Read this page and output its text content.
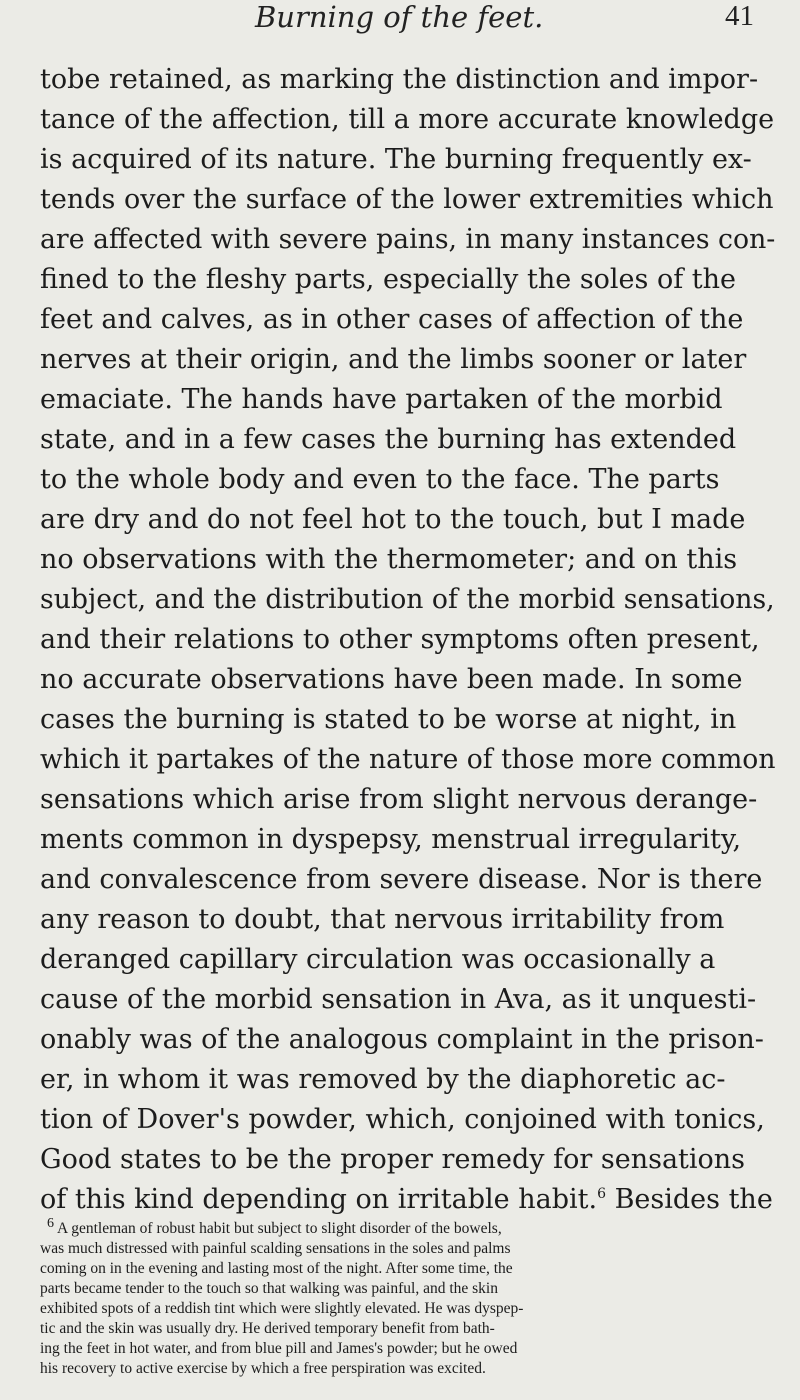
Burning of the feet.	41
tobe retained, as marking the distinction and impor-
tance of the affection, till a more accurate knowledge
is acquired of its nature. The burning frequently ex-
tends over the surface of the lower extremities which
are affected with severe pains, in many instances con-
fined to the fleshy parts, especially the soles of the
feet and calves, as in other cases of affection of the
nerves at their origin, and the limbs sooner or later
emaciate. The hands have partaken of the morbid
state, and in a few cases the burning has extended
to the whole body and even to the face. The parts
are dry and do not feel hot to the touch, but I made
no observations with the thermometer; and on this
subject, and the distribution of the morbid sensations,
and their relations to other symptoms often present,
no accurate observations have been made. In some
cases the burning is stated to be worse at night, in
which it partakes of the nature of those more common
sensations which arise from slight nervous derange-
ments common in dyspepsy, menstrual irregularity,
and convalescence from severe disease. Nor is there
any reason to doubt, that nervous irritability from
deranged capillary circulation was occasionally a
cause of the morbid sensation in Ava, as it unquesti-
onably was of the analogous complaint in the prison-
er, in whom it was removed by the diaphoretic ac-
tion of Dover's powder, which, conjoined with tonics,
Good states to be the proper remedy for sensations
of this kind depending on irritable habit.$^6$ Besides the
$^6$ A gentleman of robust habit but subject to slight disorder of the bowels,
was much distressed with painful scalding sensations in the soles and palms
coming on in the evening and lasting most of the night. After some time, the
parts became tender to the touch so that walking was painful, and the skin
exhibited spots of a reddish tint which were slightly elevated. He was dyspep-
tic and the skin was usually dry. He derived temporary benefit from bath-
ing the feet in hot water, and from blue pill and James's powder; but he owed
his recovery to active exercise by which a free perspiration was excited.
